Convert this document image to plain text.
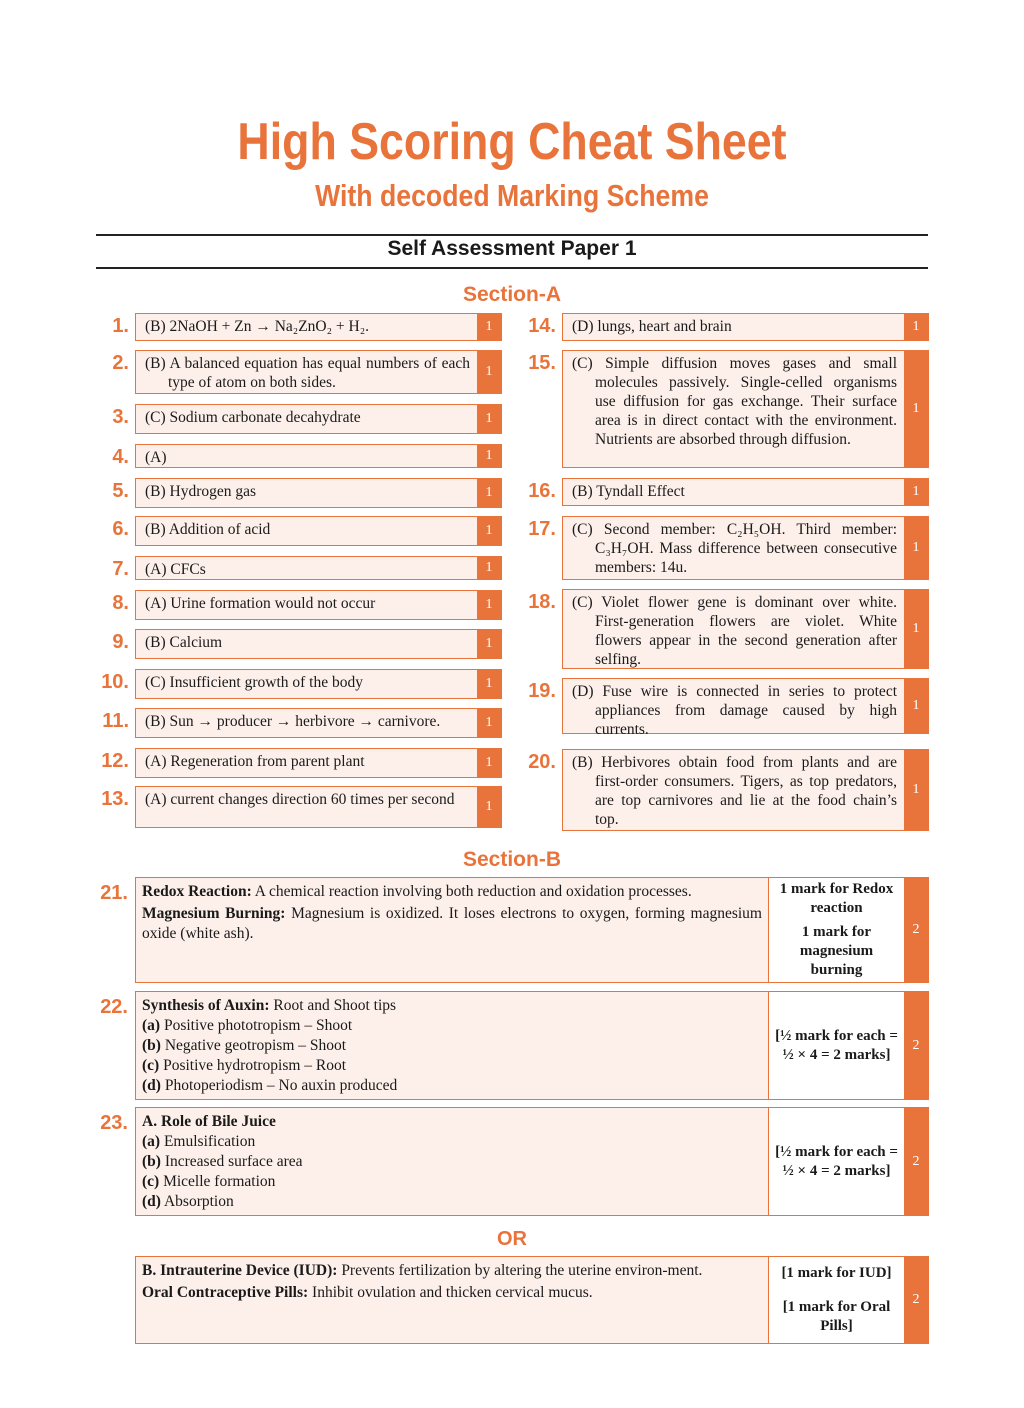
High Scoring Cheat Sheet
With decoded Marking Scheme
Self Assessment Paper 1
Section-A
1.	(B) 2NaOH + Zn → Na₂ZnO₂ + H₂.	1
2.	(B) A balanced equation has equal numbers of each type of atom on both sides.
1
3.	(C) Sodium carbonate decahydrate	1
4.	(A)	1
5.	(B) Hydrogen gas	1
6.	(B) Addition of acid	1
7.	(A) CFCs	1
8.	(A) Urine formation would not occur	1
9.	(B) Calcium	1
10.	(C) Insufficient growth of the body	1
11.	(B) Sun → producer → herbivore → carnivore.	1
12.	(A) Regeneration from parent plant	1
13.	(A) current changes direction 60 times per second	1
14.	(D) lungs, heart and brain	1
15.	(C) Simple diffusion moves gases and small molecules passively. Single-celled organisms use diffusion for gas exchange. Their surface area is in direct contact with the environment. Nutrients are absorbed through diffusion.
1
16.	(B) Tyndall Effect	1
17.	(C) Second member: C₂H₅OH. Third member: C₃H₇OH. Mass difference between consecutive members: 14u.
1
18.	(C) Violet flower gene is dominant over white. First-generation flowers are violet. White flowers appear in the second generation after selfing.
1
19.	(D) Fuse wire is connected in series to protect appliances from damage caused by high currents.
1
20.	(B) Herbivores obtain food from plants and are first-order consumers. Tigers, as top predators, are top carnivores and lie at the food chain’s top.
1
Section-B
21. Redox Reaction: A chemical reaction involving both reduction and oxidation processes.
Magnesium Burning: Magnesium is oxidized. It loses electrons to oxygen, forming magnesium oxide (white ash).
1 mark for Redox reaction
1 mark for magnesium burning
2
22. Synthesis of Auxin: Root and Shoot tips
(a) Positive phototropism – Shoot
(b) Negative geotropism – Shoot
(c) Positive hydrotropism – Root
(d) Photoperiodism – No auxin produced
[½ mark for each = ½ × 4 = 2 marks]
2
23. A. Role of Bile Juice
(a) Emulsification
(b) Increased surface area
(c) Micelle formation
(d) Absorption
[½ mark for each = ½ × 4 = 2 marks]
2
B. Intrauterine Device (IUD): Prevents fertilization by altering the uterine environ-ment.
Oral Contraceptive Pills: Inhibit ovulation and thicken cervical mucus.
[1 mark for IUD]
[1 mark for Oral Pills]
2
OR
